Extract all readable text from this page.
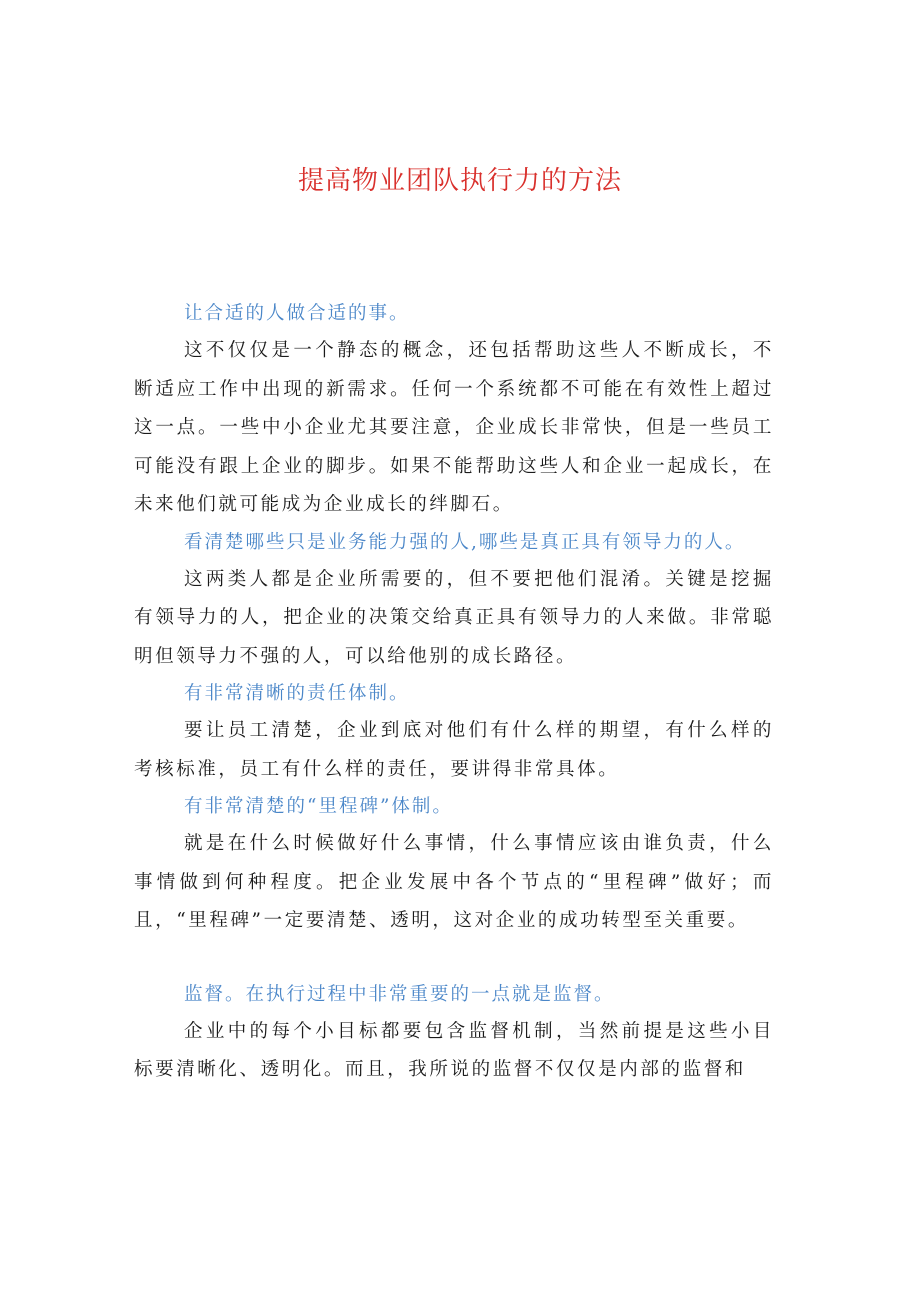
提高物业团队执行力的方法

让合适的人做合适的事。

这不仅仅是一个静态的概念，还包括帮助这些人不断成长，不断适应工作中出现的新需求。任何一个系统都不可能在有效性上超过这一点。一些中小企业尤其要注意，企业成长非常快，但是一些员工可能没有跟上企业的脚步。如果不能帮助这些人和企业一起成长，在未来他们就可能成为企业成长的绊脚石。

看清楚哪些只是业务能力强的人,哪些是真正具有领导力的人。

这两类人都是企业所需要的，但不要把他们混淆。关键是挖掘有领导力的人，把企业的决策交给真正具有领导力的人来做。非常聪明但领导力不强的人，可以给他别的成长路径。

有非常清晰的责任体制。

要让员工清楚，企业到底对他们有什么样的期望，有什么样的考核标准，员工有什么样的责任，要讲得非常具体。

有非常清楚的“里程碑”体制。

就是在什么时候做好什么事情，什么事情应该由谁负责，什么事情做到何种程度。把企业发展中各个节点的“里程碑”做好；而且，“里程碑”一定要清楚、透明，这对企业的成功转型至关重要。

监督。在执行过程中非常重要的一点就是监督。

企业中的每个小目标都要包含监督机制，当然前提是这些小目标要清晰化、透明化。而且，我所说的监督不仅仅是内部的监督和
